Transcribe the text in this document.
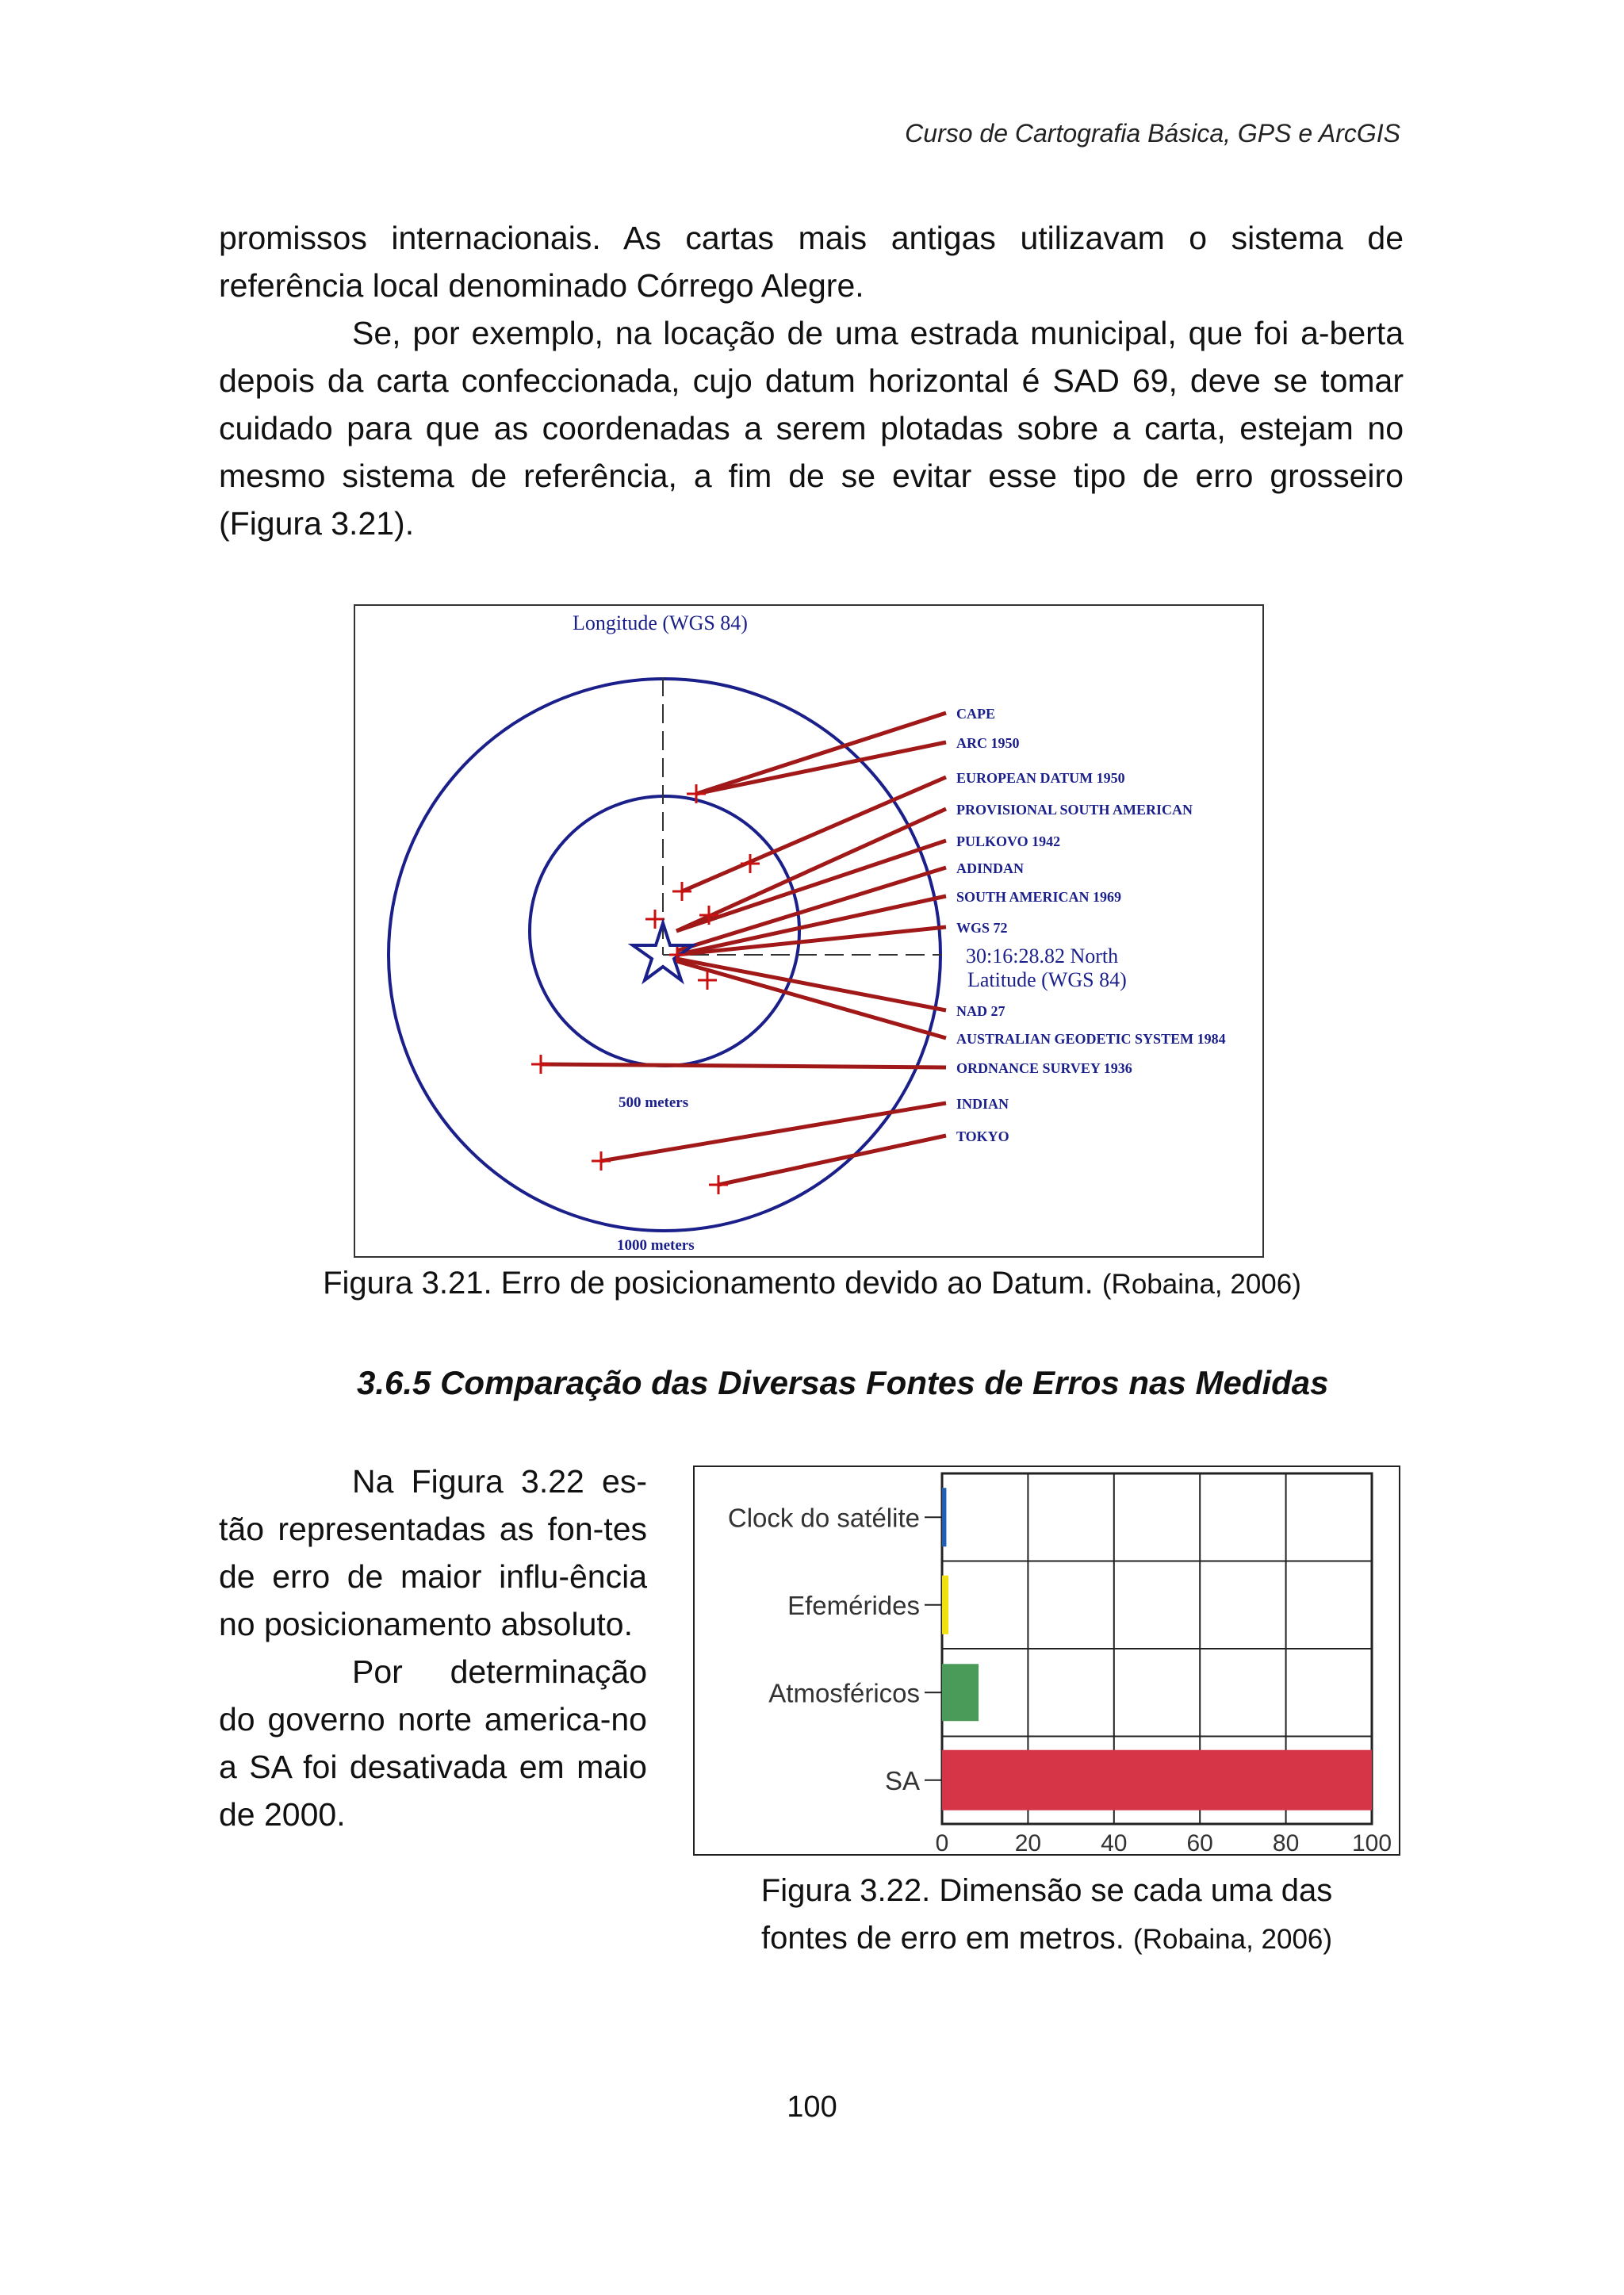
Curso de Cartografia Básica, GPS e ArcGIS

promissos internacionais. As cartas mais antigas utilizavam o sistema de referência local denominado Córrego Alegre.

Se, por exemplo, na locação de uma estrada municipal, que foi a-berta depois da carta confeccionada, cujo datum horizontal é SAD 69, deve se tomar cuidado para que as coordenadas a serem plotadas sobre a carta, estejam no mesmo sistema de referência, a fim de se evitar esse tipo de erro grosseiro (Figura 3.21).

Longitude (WGS 84)
30:16:28.82 North
Latitude (WGS 84)
500 meters
1000 meters
CAPE
ARC 1950
EUROPEAN DATUM 1950
PROVISIONAL SOUTH AMERICAN
PULKOVO 1942
ADINDAN
SOUTH AMERICAN 1969
WGS 72
NAD 27
AUSTRALIAN GEODETIC SYSTEM 1984
ORDNANCE SURVEY 1936
INDIAN
TOKYO
Figura 3.21. Erro de posicionamento devido ao Datum. (Robaina, 2006)
3.6.5 Comparação das Diversas Fontes de Erros nas Medidas

Na Figura 3.22 es-tão representadas as fon-tes de erro de maior influ-ência no posicionamento absoluto.

Por determinação do governo norte america-no a SA foi desativada em maio de 2000.

Clock do satélite
Efemérides
Atmosféricos
SA
0	20	40	60	80 100
Figura 3.22. Dimensão se cada uma das
fontes de erro em metros. (Robaina, 2006)
100
